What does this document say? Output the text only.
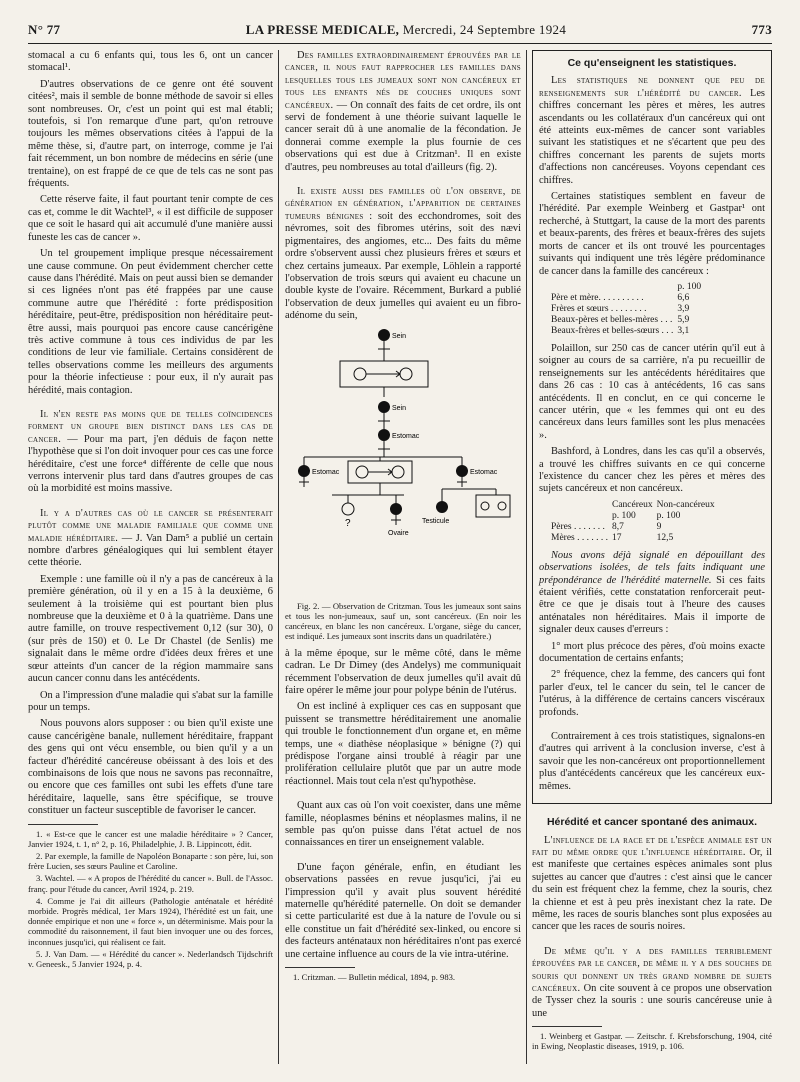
N° 77	LA PRESSE MEDICALE, Mercredi, 24 Septembre 1924	773

stomacal a cu 6 enfants qui, tous les 6, ont un cancer stomacal¹.

D'autres observations de ce genre ont été souvent citées², mais il semble de bonne méthode de savoir si elles sont nombreuses. Or, c'est un point qui est mal établi; toutefois, si l'on remarque d'une part, qu'on retrouve toujours les mêmes observations citées à l'appui de la même thèse, si, d'autre part, on interroge, comme je l'ai fait récemment, un bon nombre de médecins en série (une trentaine), on est frappé de ce que de tels cas ne sont pas fréquents.

Cette réserve faite, il faut pourtant tenir compte de ces cas et, comme le dit Wachtel³, « il est difficile de supposer que ce soit le hasard qui ait accumulé d'une manière aussi funeste les cas de cancer ».

Un tel groupement implique presque nécessairement une cause commune. On peut évidemment chercher cette cause dans l'hérédité. Mais on peut aussi bien se demander si ces lignées n'ont pas été frappées par une cause commune autre que l'hérédité : forte prédisposition héréditaire, peut-être, prédisposition non héréditaire peut-être aussi, mais pourquoi pas encore cause cancérigène très active commune à tous ces individus de par les conditions de leur vie familiale. Certains considèrent de telles observations comme les meilleurs des arguments pour la théorie infectieuse : pour eux, il n'y aurait pas hérédité, mais contagion.

Il n'en reste pas moins que de telles coïncidences forment un groupe bien distinct dans les cas de cancer. — Pour ma part, j'en déduis de façon nette l'hypothèse que si l'on doit invoquer pour ces cas une force héréditaire, c'est une force⁴ différente de celle que nous verrons intervenir plus tard dans d'autres groupes de cas où la morbidité est moins massive.

Il y a d'autres cas où le cancer se présenterait plutôt comme une maladie familiale que comme une maladie héréditaire. — J. Van Dam⁵ a publié un certain nombre d'arbres généalogiques qui lui semblent étayer cette théorie.

Exemple : une famille où il n'y a pas de cancéreux à la première génération, où il y en a 15 à la deuxième, 6 seulement à la troisième qui est pourtant bien plus nombreuse que la deuxième et 0 à la quatrième. Dans une autre famille, on trouve respectivement 0,12 (sur 30), 0 (sur près de 150) et 0. Le Dr Chastel (de Senlis) me signalait dans le même ordre d'idées deux frères et une sœur atteints d'un cancer de la région mammaire sans aucun cancer connu dans les antécédents.

On a l'impression d'une maladie qui s'abat sur la famille pour un temps.

Nous pouvons alors supposer : ou bien qu'il existe une cause cancérigène banale, nullement héréditaire, frappant des gens qui ont vécu ensemble, ou bien qu'il y a un facteur d'hérédité cancéreuse obéissant à des lois et des combinaisons de lois que nous ne savons pas reconnaître, ou encore que ces familles ont subi les effets d'une tare héréditaire, laquelle, sans être spécifique, se trouve constituer un facteur susceptible de favoriser le cancer.

1. « Est-ce que le cancer est une maladie héréditaire » ? Cancer, Janvier 1924, t. 1, n° 2, p. 16, Philadelphie, J. B. Lippincott, édit.

2. Par exemple, la famille de Napoléon Bonaparte : son père, lui, son frère Lucien, ses sœurs Pauline et Caroline.

3. Wachtel. — « A propos de l'hérédité du cancer ». Bull. de l'Assoc. franç. pour l'étude du cancer, Avril 1924, p. 219.

4. Comme je l'ai dit ailleurs (Pathologie anténatale et hérédité morbide. Progrès médical, 1er Mars 1924), l'hérédité est un fait, une donnée empirique et non une « force », un déterminisme. Mais pour la commodité du raisonnement, il faut bien invoquer une ou des forces, inconnues jusqu'ici, qui réalisent ce fait.

5. J. Van Dam. — « Hérédité du cancer ». Nederlandsch Tijdschrift v. Geneesk., 5 Janvier 1924, p. 4.

Des familles extraordinairement éprouvées par le cancer, il nous faut rapprocher les familles dans lesquelles tous les jumeaux sont non cancéreux et tous les enfants nés de couches uniques sont cancéreux. — On connaît des faits de cet ordre, ils ont servi de fondement à une théorie suivant laquelle le cancer serait dû à une anomalie de la fécondation. Je donnerai comme exemple la plus fournie de ces observations qui est due à Critzman¹. Il en existe d'autres, peu nombreuses au total d'ailleurs (fig. 2).

Il existe aussi des familles où l'on observe, de génération en génération, l'apparition de certaines tumeurs bénignes : soit des ecchondromes, soit des névromes, soit des fibromes utérins, soit des nævi pigmentaires, des angiomes, etc... Des faits du même ordre s'observent aussi chez plusieurs frères et sœurs et chez certains jumeaux. Par exemple, Löhlein a rapporté l'observation de trois sœurs qui avaient eu chacune un double kyste de l'ovaire. Récemment, Burkard a publié l'observation de deux jumelles qui avaient eu un fibro-adénome du sein,

Sein
Sein
Estomac
Estomac	Estomac
Testicule
?
Ovaire

Fig. 2. — Observation de Critzman. Tous les jumeaux sont sains et tous les non-jumeaux, sauf un, sont cancéreux. (En noir les cancéreux, en blanc les non cancéreux. L'organe, siège du cancer, est indiqué. Les jumeaux sont inscrits dans un quadrilatère.)

à la même époque, sur le même côté, dans le même cadran. Le Dr Dimey (des Andelys) me communiquait récemment l'observation de deux jumelles qu'il avait dû faire opérer le même jour pour polype bénin de l'utérus.

On est incliné à expliquer ces cas en supposant que puissent se transmettre héréditairement une anomalie qui trouble le fonctionnement d'un organe et, en même temps, une « diathèse néoplasique » bénigne (?) qui prédispose l'organe ainsi troublé à réagir par une prolifération cellulaire plutôt que par un autre mode réactionnel. Mais tout cela n'est qu'hypothèse.

Quant aux cas où l'on voit coexister, dans une même famille, néoplasmes bénins et néoplasmes malins, il ne semble pas qu'on puisse dans l'état actuel de nos connaissances en tirer un enseignement valable.

D'une façon générale, enfin, en étudiant les observations passées en revue jusqu'ici, j'ai eu l'impression qu'il y avait plus souvent hérédité maternelle qu'hérédité paternelle. On doit se demander si cette particularité est due à la nature de l'ovule ou si elle constitue un fait d'hérédité sex-linked, ou encore si des facteurs anténataux non héréditaires n'ont pas exercé une certaine influence au cours de la vie intra-utérine.

1. Critzman. — Bulletin médical, 1894, p. 983.

Ce qu'enseignent les statistiques.

Les statistiques ne donnent que peu de renseignements sur l'hérédité du cancer. Les chiffres concernant les pères et mères, les autres ascendants ou les collatéraux d'un cancéreux qui ont été atteints eux-mêmes de cancer sont variables suivant les statistiques et ne s'écartent que peu des chiffres concernant les parents de sujets morts d'affections non cancéreuses. Voyons cependant ces chiffres.

Certaines statistiques semblent en faveur de l'hérédité. Par exemple Weinberg et Gastpar¹ ont recherché, à Stuttgart, la cause de la mort des parents et beaux-parents, des frères et beaux-frères des sujets morts de cancer et ils ont trouvé les pourcentages suivants qui indiquent une très légère prédominance de cancer dans la famille des cancéreux :

	p. 100
Père et mère. . . . . . . . . .	6,6
Frères et sœurs . . . . . . . .	3,9
Beaux-pères et belles-mères . . .	5,9
Beaux-frères et belles-sœurs . . .	3,1

Polaillon, sur 250 cas de cancer utérin qu'il eut à soigner au cours de sa carrière, n'a pu recueillir de renseignements sur les antécédents héréditaires que dans 26 cas : 10 cas à antécédents, 16 cas sans antécédents. Il en conclut, en ce qui concerne le cancer utérin, que « les femmes qui ont eu des cancéreux dans leurs familles sont les plus menacées ».

Bashford, à Londres, dans les cas qu'il a observés, a trouvé les chiffres suivants en ce qui concerne l'existence du cancer chez les pères et mères des sujets cancéreux et non cancéreux.

	Cancéreux	Non-cancéreux
	p. 100	p. 100
Pères . . . . . . .	8,7	9
Mères . . . . . . .	17	12,5

Nous avons déjà signalé en dépouillant des observations isolées, de tels faits indiquant une prépondérance de l'hérédité maternelle. Si ces faits étaient vérifiés, cette constatation renforcerait peut-être ce que je disais tout à l'heure des causes anténatales non héréditaires. Mais il importe de signaler deux causes d'erreurs :

1° mort plus précoce des pères, d'où moins exacte documentation de certains enfants;

2° fréquence, chez la femme, des cancers qui font parler d'eux, tel le cancer du sein, tel le cancer de l'utérus, à la différence de certains cancers viscéraux profonds.

Contrairement à ces trois statistiques, signalons-en d'autres qui arrivent à la conclusion inverse, c'est à savoir que les non-cancéreux ont proportionnellement plus d'antécédents cancéreux que les cancéreux eux-mêmes.

Hérédité et cancer spontané des animaux.

L'influence de la race et de l'espèce animale est un fait du même ordre que l'influence héréditaire. Or, il est manifeste que certaines espèces animales sont plus sujettes au cancer que d'autres : c'est ainsi que le cancer du sein est fréquent chez la femme, chez la souris, chez la chienne et est à peu près inexistant chez la rate. De même, les races de souris blanches sont plus exposées au cancer que les races de souris noires.

De même qu'il y a des familles terriblement éprouvées par le cancer, de même il y a des souches de souris qui donnent un très grand nombre de sujets cancéreux. On cite souvent à ce propos une observation de Tysser chez la souris : une souris cancéreuse unie à une

1. Weinberg et Gastpar. — Zeitschr. f. Krebsforschung, 1904, cité in Ewing, Neoplastic diseases, 1919, p. 106.
